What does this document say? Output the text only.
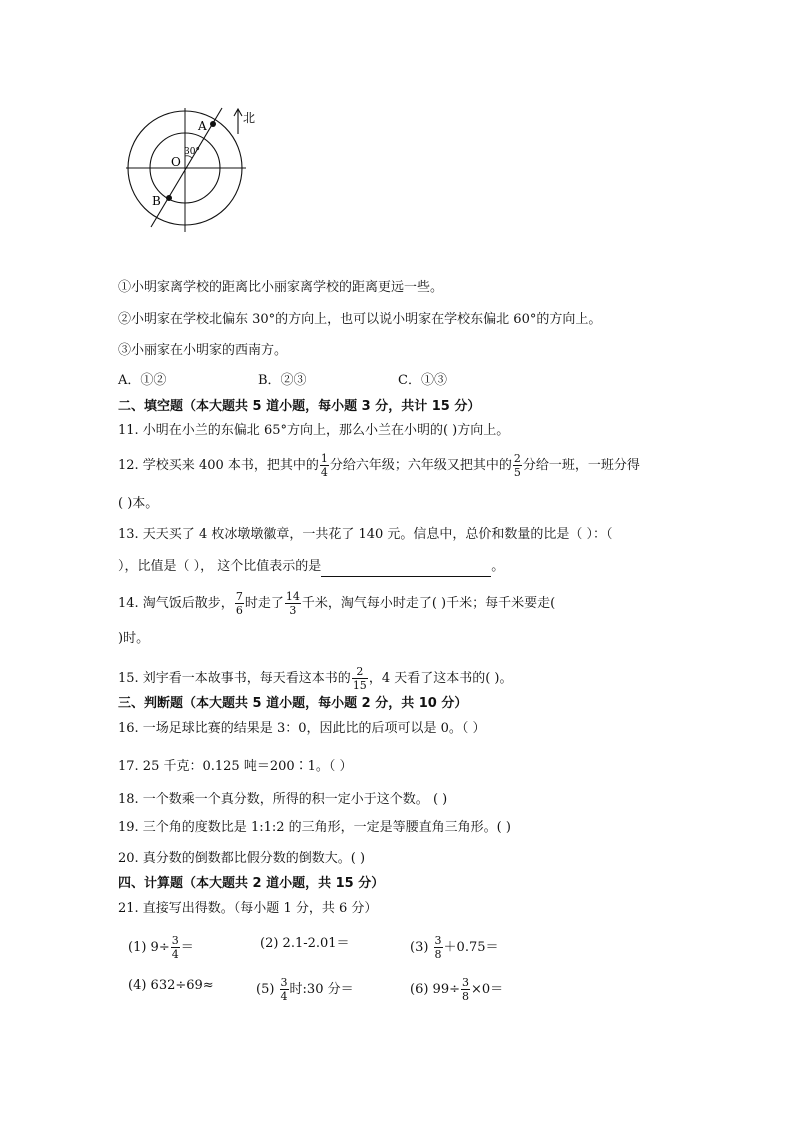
A
B
O
30°
北
①小明家离学校的距离比小丽家离学校的距离更远一些。
②小明家在学校北偏东 30°的方向上，也可以说小明家在学校东偏北 60°的方向上。
③小丽家在小明家的西南方。
A．①②	B．②③	C．①③
二、填空题（本大题共 5 道小题，每小题 3 分，共计 15 分）
11. 小明在小兰的东偏北 65°方向上，那么小兰在小明的( )方向上。
12. 学校买来 400 本书，把其中的 $\frac{1}{4}$ 分给六年级；六年级又把其中的 $\frac{2}{5}$ 分给一班，一班分得
( )本。
13. 天天买了 4 枚冰墩墩徽章，一共花了 140 元。信息中，总价和数量的比是（ ）：（
），比值是（ ）， 这个比值表示的是	。
14. 淘气饭后散步， $\frac{7}{6}$ 时走了 $\frac{14}{3}$ 千米，淘气每小时走了( )千米；每千米要走(
)时。
15. 刘宇看一本故事书，每天看这本书的 $\frac{2}{15}$ ，4 天看了这本书的( )。
三、判断题（本大题共 5 道小题，每小题 2 分，共 10 分）
16. 一场足球比赛的结果是 3：0，因此比的后项可以是 0。（ ）
17. 25 千克：0.125 吨＝200∶1。（ ）
18. 一个数乘一个真分数，所得的积一定小于这个数。 ( )
19. 三个角的度数比是 1:1:2 的三角形，一定是等腰直角三角形。( )
20. 真分数的倒数都比假分数的倒数大。( )
四、计算题（本大题共 2 道小题，共 15 分）
21. 直接写出得数。（每小题 1 分，共 6 分）
(1) $9\div \frac{3}{4}$ ＝	(2) 2.1-2.01＝	$(3) \frac{3}{8} +0.75=$
(4) 632÷69≈	$(5) \frac{3}{4}$ 时:30 分＝	(6) $99\div \frac{3}{8} \times 0=$
